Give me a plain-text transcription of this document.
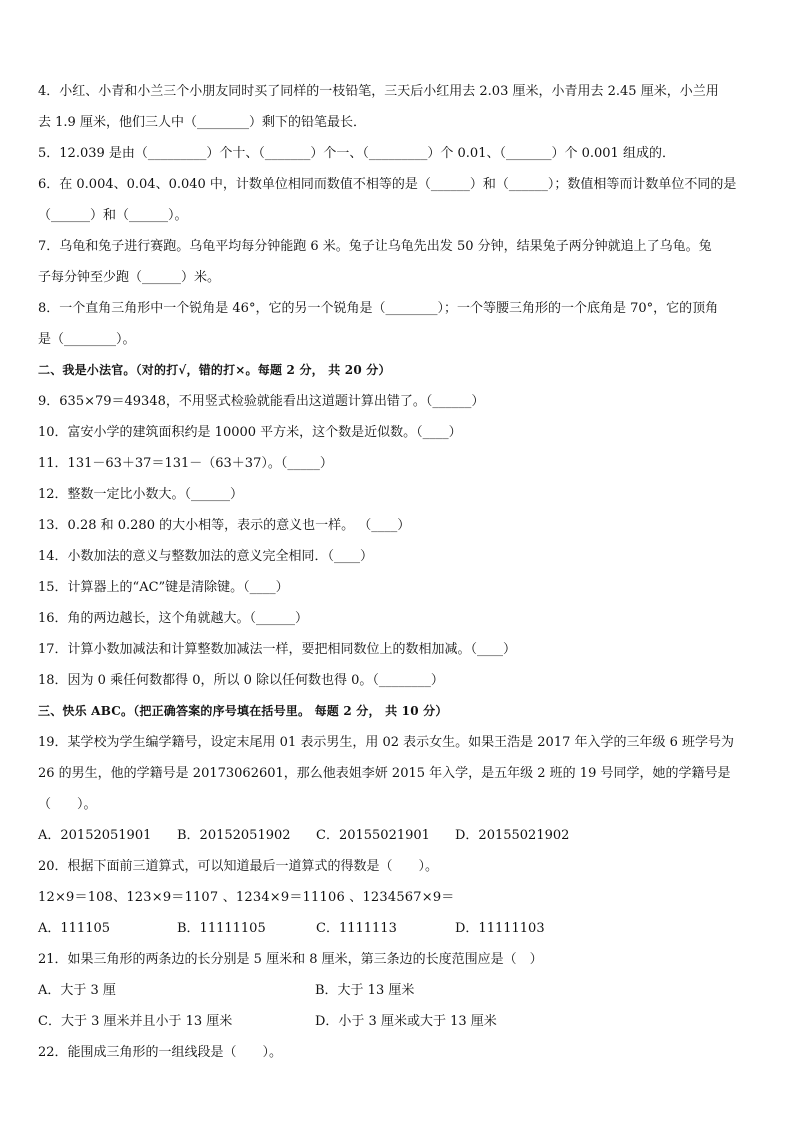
4．小红、小青和小兰三个小朋友同时买了同样的一枝铅笔，三天后小红用去 2.03 厘米，小青用去 2.45 厘米，小兰用
去 1.9 厘米，他们三人中（________）剩下的铅笔最长．
5．12.039 是由（_________）个十、（_______）个一、（_________）个 0.01、（_______）个 0.001 组成的．
6．在 0.004、0.04、0.040 中，计数单位相同而数值不相等的是（______）和（______）；数值相等而计数单位不同的是
（______）和（______）。
7．乌龟和兔子进行赛跑。乌龟平均每分钟能跑 6 米。兔子让乌龟先出发 50 分钟，结果兔子两分钟就追上了乌龟。兔
子每分钟至少跑（______）米。
8．一个直角三角形中一个锐角是 46°，它的另一个锐角是（________）；一个等腰三角形的一个底角是 70°，它的顶角
是（________）。
二、我是小法官。（对的打√，错的打×。每题 2 分， 共 20 分）
9．635×79＝49348，不用竖式检验就能看出这道题计算出错了。（______）
10．富安小学的建筑面积约是 10000 平方米，这个数是近似数。（____）
11．131－63＋37＝131－（63＋37）。（_____）
12．整数一定比小数大。（______）
13．0.28 和 0.280 的大小相等，表示的意义也一样。 （____）
14．小数加法的意义与整数加法的意义完全相同．（____）
15．计算器上的“AC”键是清除键。（____）
16．角的两边越长，这个角就越大。（______）
17．计算小数加减法和计算整数加减法一样，要把相同数位上的数相加减。（____）
18．因为 0 乘任何数都得 0，所以 0 除以任何数也得 0。（________）
三、快乐 ABC。（把正确答案的序号填在括号里。 每题 2 分， 共 10 分）
19．某学校为学生编学籍号，设定末尾用 01 表示男生，用 02 表示女生。如果王浩是 2017 年入学的三年级 6 班学号为
26 的男生，他的学籍号是 20173062601，那么他表姐李妍 2015 年入学，是五年级 2 班的 19 号同学，她的学籍号是
（　　）。
A．20152051901	B．20152051902	C．20155021901	D．20155021902
20．根据下面前三道算式，可以知道最后一道算式的得数是（　　）。
12×9＝108、123×9＝1107 、1234×9＝11106 、1234567×9＝
A．111105	B．11111105	C．1111113	D．11111103
21．如果三角形的两条边的长分别是 5 厘米和 8 厘米，第三条边的长度范围应是（　）
A．大于 3 厘	B．大于 13 厘米
C．大于 3 厘米并且小于 13 厘米	D．小于 3 厘米或大于 13 厘米
22．能围成三角形的一组线段是（　　）。
